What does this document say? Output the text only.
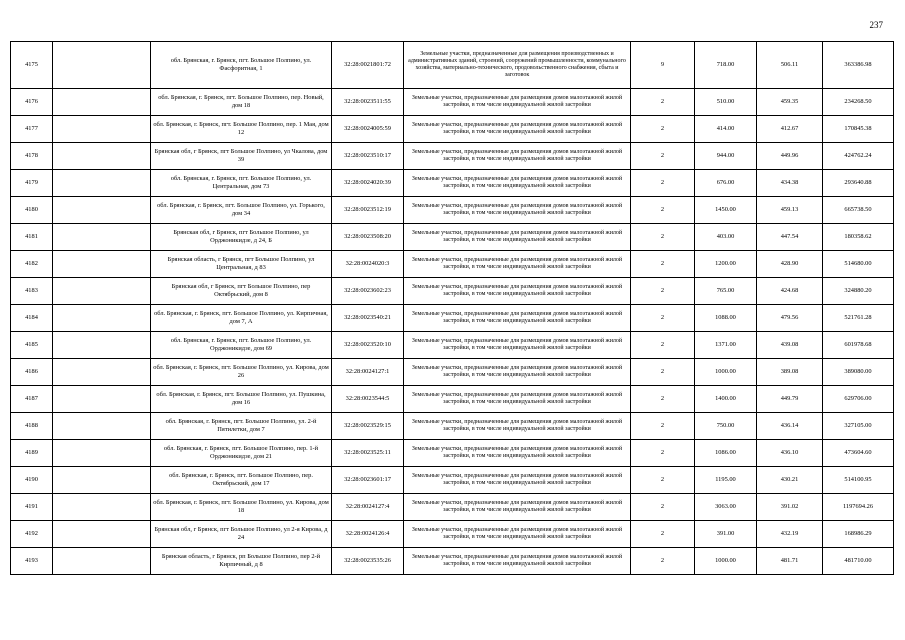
237
4175		обл. Брянская, г. Брянск, пгт. Большое Полпино, ул. Фасфоритная, 1	32:28:0021801:72	Земельные участки, предназначенные для размещения производственных и административных зданий, строений, сооружений промышленности, коммунального хозяйства, материально-технического, продовольственного снабжения, сбыта и заготовок	9	718.00	506.11	363386.98
4176		обл. Брянская, г. Брянск, пгт. Большое Полпино, пер. Новый, дом 18	32:28:0023511:55	Земельные участки, предназначенные для размещения домов малоэтажной жилой застройки, в том числе индивидуальной жилой застройки	2	510.00	459.35	234268.50
4177		обл. Брянская, г. Брянск, пгт. Большое Полпино, пер. 1 Мая, дом 12	32:28:0024005:59	Земельные участки, предназначенные для размещения домов малоэтажной жилой застройки, в том числе индивидуальной жилой застройки	2	414.00	412.67	170845.38
4178		Брянская обл, г Брянск, пгт Большое Полпино, ул Чкалова, дом 39	32:28:0023510:17	Земельные участки, предназначенные для размещения домов малоэтажной жилой застройки, в том числе индивидуальной жилой застройки	2	944.00	449.96	424762.24
4179		обл. Брянская, г. Брянск, пгт. Большое Полпино, ул. Центральная, дом 73	32:28:0024020:39	Земельные участки, предназначенные для размещения домов малоэтажной жилой застройки, в том числе индивидуальной жилой застройки	2	676.00	434.38	293640.88
4180		обл. Брянская, г. Брянск, пгт. Большое Полпино, ул. Горького, дом 34	32:28:0023512:19	Земельные участки, предназначенные для размещения домов малоэтажной жилой застройки, в том числе индивидуальной жилой застройки	2	1450.00	459.13	665738.50
4181		Брянская обл, г Брянск, пгт Большое Полпино, ул Орджоникидзе, д 24, Б	32:28:0023508:20	Земельные участки, предназначенные для размещения домов малоэтажной жилой застройки, в том числе индивидуальной жилой застройки	2	403.00	447.54	180358.62
4182		Брянская область, г Брянск, пгт Большое Полпино, ул Центральная, д 83	32:28:0024020:3	Земельные участки, предназначенные для размещения домов малоэтажной жилой застройки, в том числе индивидуальной жилой застройки	2	1200.00	428.90	514680.00
4183		Брянская обл, г Брянск, пгт Большое Полпино, пер Октябрьский, дом 8	32:28:0023602:23	Земельные участки, предназначенные для размещения домов малоэтажной жилой застройки, в том числе индивидуальной жилой застройки	2	765.00	424.68	324880.20
4184		обл. Брянская, г. Брянск, пгт. Большое Полпино, ул. Кирпичная, дом 7, А	32:28:0023540:21	Земельные участки, предназначенные для размещения домов малоэтажной жилой застройки, в том числе индивидуальной жилой застройки	2	1088.00	479.56	521761.28
4185		обл. Брянская, г. Брянск, пгт. Большое Полпино, ул. Орджоникидзе, дом 69	32:28:0023520:10	Земельные участки, предназначенные для размещения домов малоэтажной жилой застройки, в том числе индивидуальной жилой застройки	2	1371.00	439.08	601978.68
4186		обл. Брянская, г. Брянск, пгт. Большое Полпино, ул. Кирова, дом 26	32:28:0024127:1	Земельные участки, предназначенные для размещения домов малоэтажной жилой застройки, в том числе индивидуальной жилой застройки	2	1000.00	389.08	389080.00
4187		обл. Брянская, г. Брянск, пгт. Большое Полпино, ул. Пушкина, дом 16	32:28:0023544:5	Земельные участки, предназначенные для размещения домов малоэтажной жилой застройки, в том числе индивидуальной жилой застройки	2	1400.00	449.79	629706.00
4188		обл. Брянская, г. Брянск, пгт. Большое Полпино, ул. 2-й Пятилетки, дом 7	32:28:0023529:15	Земельные участки, предназначенные для размещения домов малоэтажной жилой застройки, в том числе индивидуальной жилой застройки	2	750.00	436.14	327105.00
4189		обл. Брянская, г. Брянск, пгт. Большое Полпино, пер. 1-й Орджоникидзе, дом 21	32:28:0023525:11	Земельные участки, предназначенные для размещения домов малоэтажной жилой застройки, в том числе индивидуальной жилой застройки	2	1086.00	436.10	473604.60
4190		обл. Брянская, г. Брянск, пгт. Большое Полпино, пер. Октябрьский, дом 17	32:28:0023601:17	Земельные участки, предназначенные для размещения домов малоэтажной жилой застройки, в том числе индивидуальной жилой застройки	2	1195.00	430.21	514100.95
4191		обл. Брянская, г. Брянск, пгт. Большое Полпино, ул. Кирова, дом 18	32:28:0024127:4	Земельные участки, предназначенные для размещения домов малоэтажной жилой застройки, в том числе индивидуальной жилой застройки	2	3063.00	391.02	1197694.26
4192		Брянская обл, г Брянск, пгт Большое Полпино, ул 2-я Кирова, д 24	32:28:0024126:4	Земельные участки, предназначенные для размещения домов малоэтажной жилой застройки, в том числе индивидуальной жилой застройки	2	391.00	432.19	168986.29
4193		Брянская область, г Брянск, рп Большое Полпино, пер 2-й Кирпичный, д 8	32:28:0023535:26	Земельные участки, предназначенные для размещения домов малоэтажной жилой застройки, в том числе индивидуальной жилой застройки	2	1000.00	481.71	481710.00
